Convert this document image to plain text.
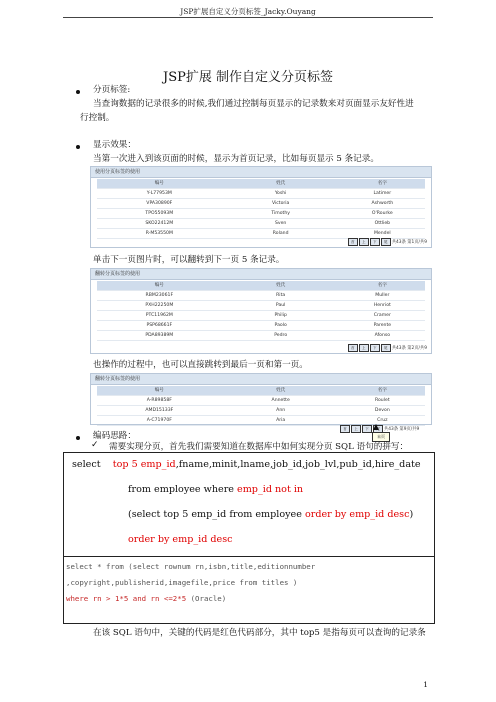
JSP扩展自定义分页标签_Jacky.Ouyang
JSP扩展 制作自定义分页标签
分页标签:
当查询数据的记录很多的时候,我们通过控制每页显示的记录数来对页面显示友好性进
行控制。
显示效果：
当第一次进入到该页面的时候，显示为首页记录，比如每页显示 5 条记录。
使用分页标签的使用
编号	姓氏	名字
Y-L77953M	Yoshi	Latimer
VPA30890F	Victoria	Ashworth
TPO55093M	Timothy	O'Rourke
SKO22412M	Sven	Ottlieb
R-M53550M	Roland	Mendel
首	上	下	尾 共43条 第1页/共9
单击下一页图片时，可以翻转到下一页 5 条记录。
翻转分页标签的使用
编号	姓氏	名字
RBM23061F	Rita	Muller
PXH22250M	Paul	Henriot
PTC11962M	Philip	Cramer
PSP68661F	Paolo	Parente
PDA89389M	Pedro	Afonso
首	上	下	尾 共43条 第2页/共9
也操作的过程中，也可以直接跳转到最后一页和第一页。
翻转分页标签的使用
编号	姓氏	名字
A-R89858F	Annette	Roulet
AMD15133F	Ann	Devon
A-C71970F	Aria	Cruz
首	上	下	尾 共43条 第9页/共9
末页
编码思路：
✓ 需要实现分页，首先我们需要知道在数据库中如何实现分页 SQL 语句的拼写：
select top 5 emp_id,fname,minit,lname,job_id,job_lvl,pub_id,hire_date
from employee where emp_id not in
(select top 5 emp_id from employee order by emp_id desc)
order by emp_id desc
select * from (select rownum rn,isbn,title,editionnumber
,copyright,publisherid,imagefile,price from titles )
where rn > 1*5 and rn <=2*5 (Oracle)
在该 SQL 语句中，关键的代码是红色代码部分，其中 top5 是指每页可以查询的记录条
1
